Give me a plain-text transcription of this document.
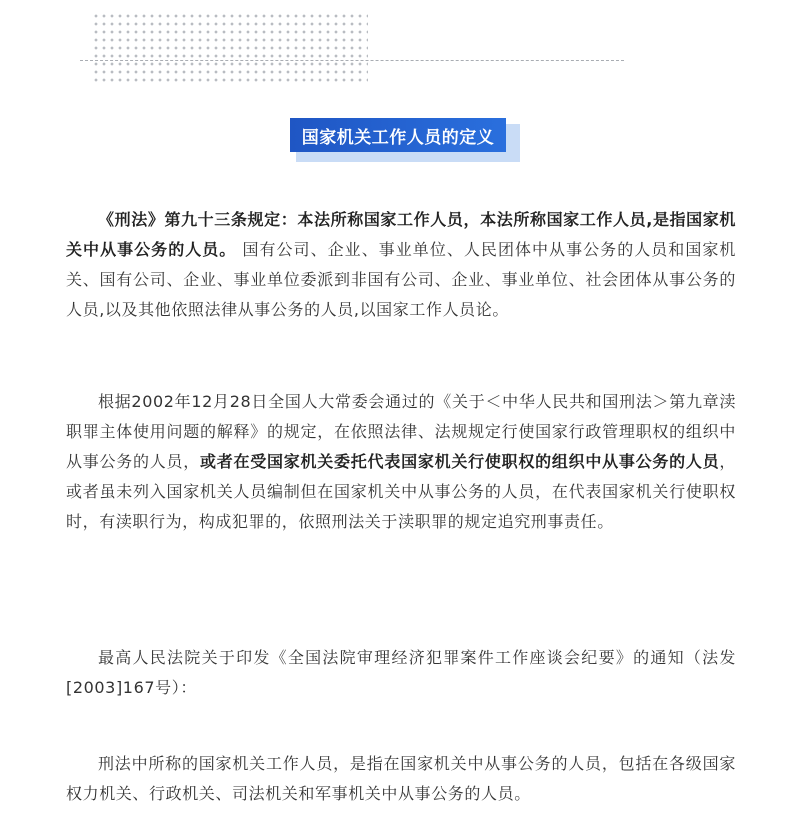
国家机关工作人员的定义

《刑法》第九十三条规定：本法所称国家工作人员，本法所称国家工作人员,是指国家机关中从事公务的人员。 国有公司、企业、事业单位、人民团体中从事公务的人员和国家机关、国有公司、企业、事业单位委派到非国有公司、企业、事业单位、社会团体从事公务的人员,以及其他依照法律从事公务的人员,以国家工作人员论。

根据2002年12月28日全国人大常委会通过的《关于＜中华人民共和国刑法＞第九章渎职罪主体使用问题的解释》的规定，在依照法律、法规规定行使国家行政管理职权的组织中从事公务的人员，或者在受国家机关委托代表国家机关行使职权的组织中从事公务的人员，或者虽未列入国家机关人员编制但在国家机关中从事公务的人员，在代表国家机关行使职权时，有渎职行为，构成犯罪的，依照刑法关于渎职罪的规定追究刑事责任。

最高人民法院关于印发《全国法院审理经济犯罪案件工作座谈会纪要》的通知（法发[2003]167号）：

刑法中所称的国家机关工作人员，是指在国家机关中从事公务的人员，包括在各级国家权力机关、行政机关、司法机关和军事机关中从事公务的人员。
